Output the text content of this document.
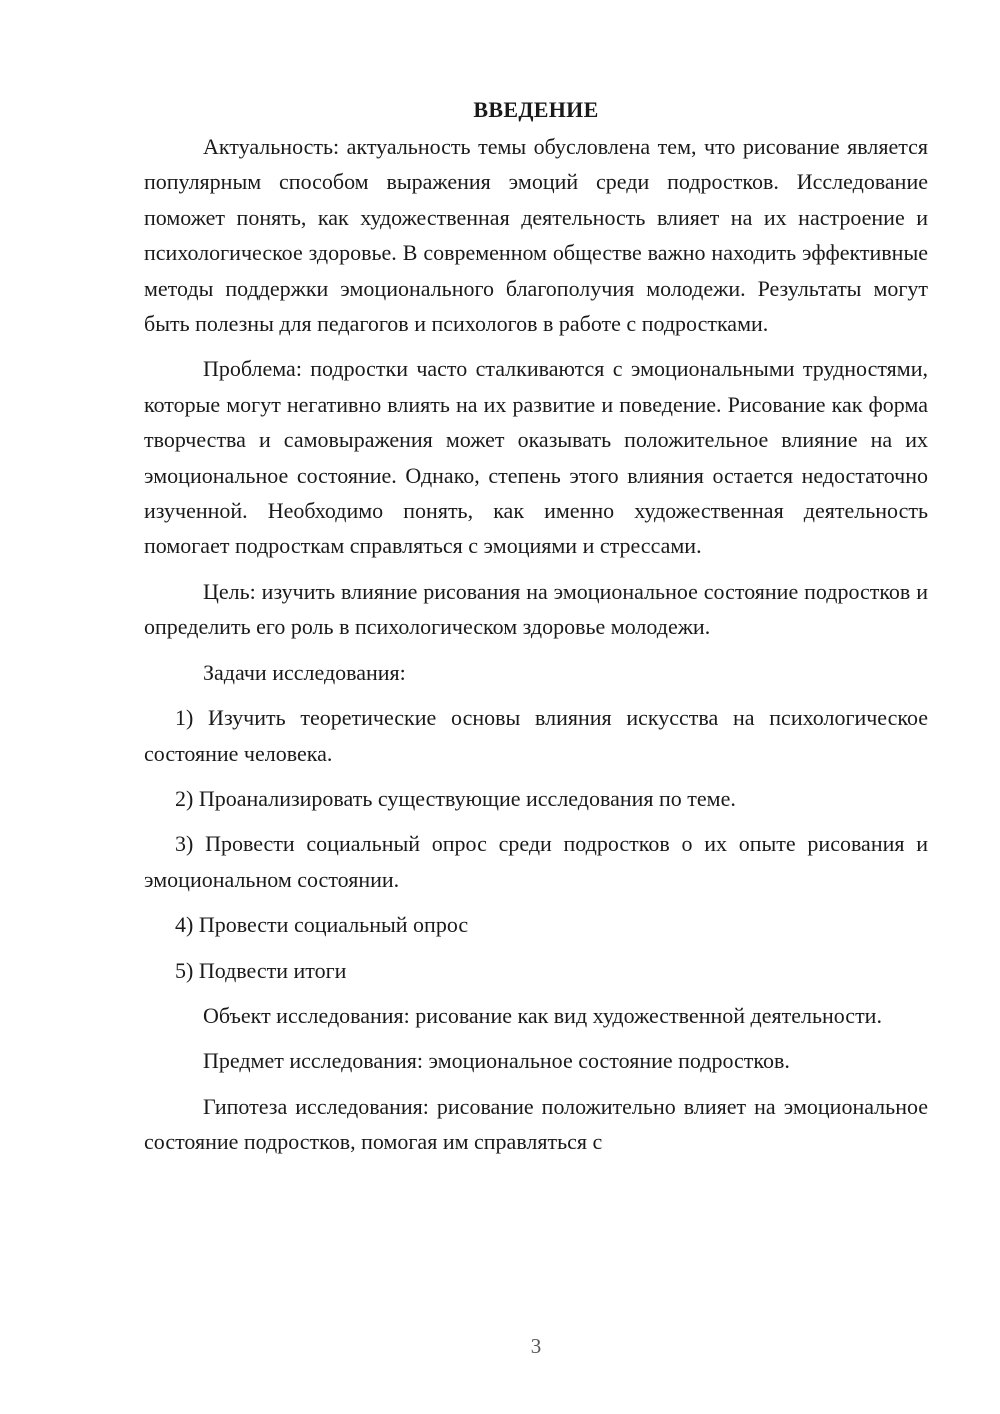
ВВЕДЕНИЕ

Актуальность: актуальность темы обусловлена тем, что рисование является популярным способом выражения эмоций среди подростков. Исследование поможет понять, как художественная деятельность влияет на их настроение и психологическое здоровье. В современном обществе важно находить эффективные методы поддержки эмоционального благополучия молодежи. Результаты могут быть полезны для педагогов и психологов в работе с подростками.

Проблема: подростки часто сталкиваются с эмоциональными трудностями, которые могут негативно влиять на их развитие и поведение. Рисование как форма творчества и самовыражения может оказывать положительное влияние на их эмоциональное состояние. Однако, степень этого влияния остается недостаточно изученной. Необходимо понять, как именно художественная деятельность помогает подросткам справляться с эмоциями и стрессами.

Цель: изучить влияние рисования на эмоциональное состояние подростков и определить его роль в психологическом здоровье молодежи.

Задачи исследования:

1) Изучить теоретические основы влияния искусства на психологическое состояние человека.

2) Проанализировать существующие исследования по теме.

3) Провести социальный опрос среди подростков о их опыте рисования и эмоциональном состоянии.

4) Провести социальный опрос

5) Подвести итоги

Объект исследования: рисование как вид художественной деятельности.

Предмет исследования: эмоциональное состояние подростков.

Гипотеза исследования: рисование положительно влияет на эмоциональное состояние подростков, помогая им справляться с

3
